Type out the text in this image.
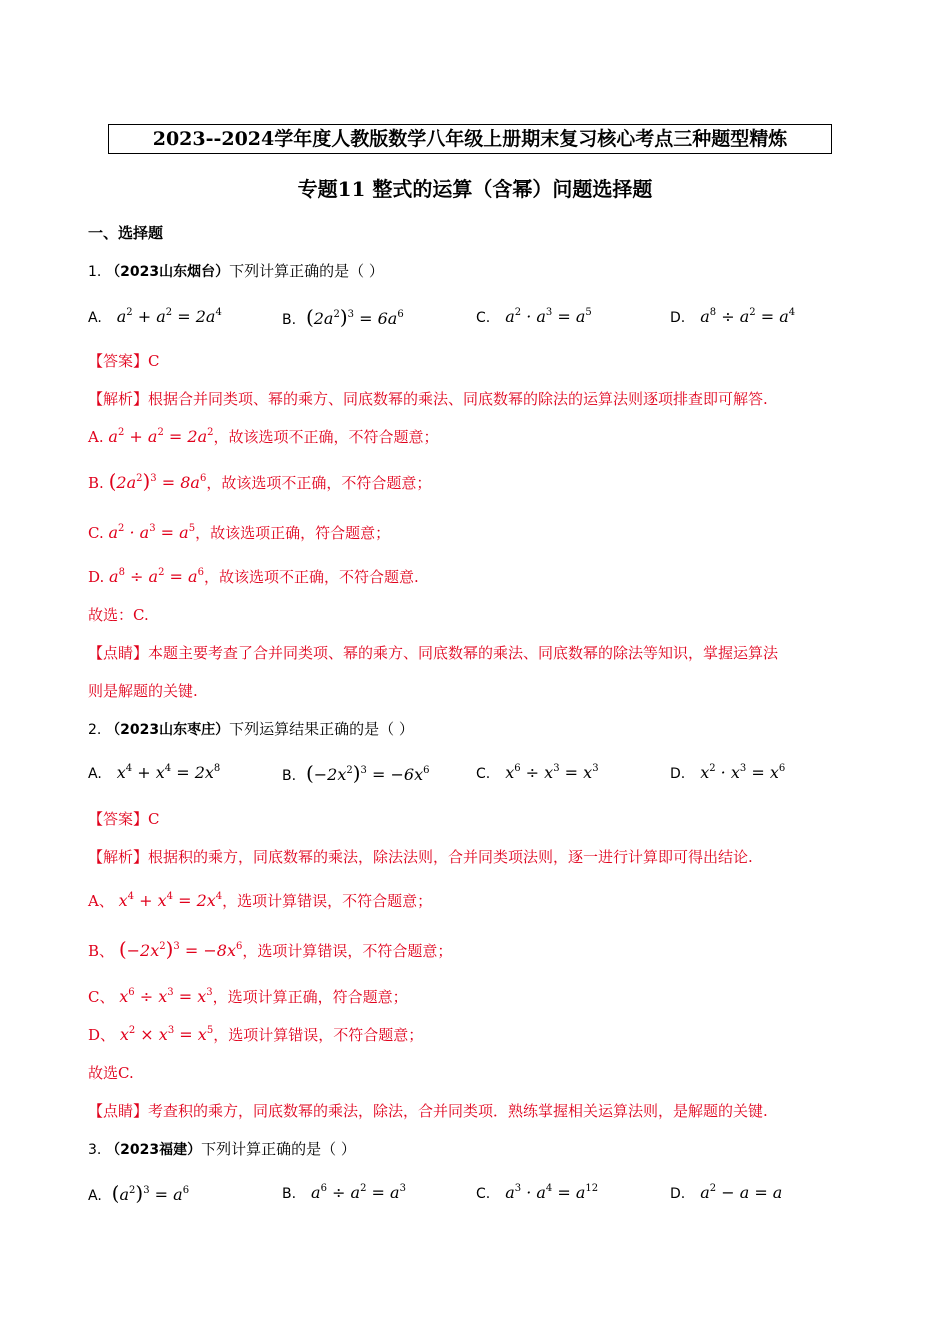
2023--2024学年度人教版数学八年级上册期末复习核心考点三种题型精炼
专题11 整式的运算（含幂）问题选择题
一、选择题
1. （2023山东烟台）下列计算正确的是（ ）
A.   $a^2 + a^2 = 2a^4$	B. $(2a^2)^3 = 6a^6$	C.   $a^2 \cdot a^3 = a^5$	D.   $a^8 \div a^2 = a^4$
【答案】C
【解析】根据合并同类项、幂的乘方、同底数幂的乘法、同底数幂的除法的运算法则逐项排查即可解答.
A. $a^2 + a^2 = 2a^2$，故该选项不正确，不符合题意；
B. $(2a^2)^3 = 8a^6$，故该选项不正确，不符合题意；
C. $a^2 \cdot a^3 = a^5$，故该选项正确，符合题意；
D. $a^8 \div a^2 = a^6$，故该选项不正确，不符合题意.
故选：C.
【点睛】本题主要考查了合并同类项、幂的乘方、同底数幂的乘法、同底数幂的除法等知识，掌握运算法
则是解题的关键.
2. （2023山东枣庄）下列运算结果正确的是（ ）
A.   $x^4 + x^4 = 2x^8$	B. $(-2x^2)^3 = -6x^6$	C.   $x^6 \div x^3 = x^3$	D.   $x^2 \cdot x^3 = x^6$
【答案】C
【解析】根据积的乘方，同底数幂的乘法，除法法则，合并同类项法则，逐一进行计算即可得出结论.
A、 $x^4 + x^4 = 2x^4$，选项计算错误，不符合题意；
B、 $(-2x^2)^3 = -8x^6$，选项计算错误，不符合题意；
C、 $x^6 \div x^3 = x^3$，选项计算正确，符合题意；
D、 $x^2 \times x^3 = x^5$，选项计算错误，不符合题意；
故选C.
【点睛】考查积的乘方，同底数幂的乘法，除法，合并同类项．熟练掌握相关运算法则，是解题的关键.
3. （2023福建）下列计算正确的是（ ）
A. $(a^2)^3 = a^6$	B.   $a^6 \div a^2 = a^3$	C.   $a^3 \cdot a^4 = a^{12}$	D.   $a^2 - a = a$
